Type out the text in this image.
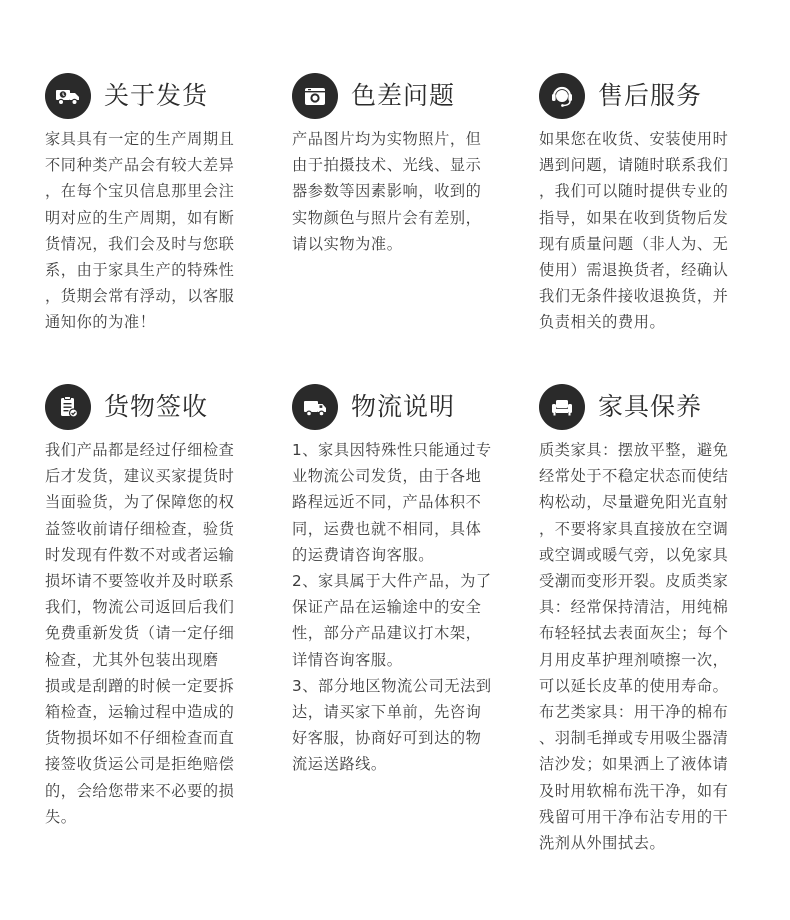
关于发货
家具具有一定的生产周期且
不同种类产品会有较大差异
，在每个宝贝信息那里会注
明对应的生产周期，如有断
货情况，我们会及时与您联
系，由于家具生产的特殊性
，货期会常有浮动，以客服
通知你的为准！
色差问题
产品图片均为实物照片，但
由于拍摄技术、光线、显示
器参数等因素影响，收到的
实物颜色与照片会有差别，
请以实物为准。
售后服务
如果您在收货、安装使用时
遇到问题，请随时联系我们
，我们可以随时提供专业的
指导，如果在收到货物后发
现有质量问题（非人为、无
使用）需退换货者，经确认
我们无条件接收退换货，并
负责相关的费用。
货物签收
我们产品都是经过仔细检查
后才发货，建议买家提货时
当面验货，为了保障您的权
益签收前请仔细检查，验货
时发现有件数不对或者运输
损坏请不要签收并及时联系
我们，物流公司返回后我们
免费重新发货（请一定仔细
检查，尤其外包装出现磨
损或是刮蹭的时候一定要拆
箱检查，运输过程中造成的
货物损坏如不仔细检查而直
接签收货运公司是拒绝赔偿
的，会给您带来不必要的损
失。
物流说明
1、家具因特殊性只能通过专
业物流公司发货，由于各地
路程远近不同，产品体积不
同，运费也就不相同，具体
的运费请咨询客服。
2、家具属于大件产品，为了
保证产品在运输途中的安全
性，部分产品建议打木架，
详情咨询客服。
3、部分地区物流公司无法到
达，请买家下单前，先咨询
好客服，协商好可到达的物
流运送路线。
家具保养
质类家具：摆放平整，避免
经常处于不稳定状态而使结
构松动，尽量避免阳光直射
，不要将家具直接放在空调
或空调或暖气旁，以免家具
受潮而变形开裂。皮质类家
具：经常保持清洁，用纯棉
布轻轻拭去表面灰尘；每个
月用皮革护理剂喷擦一次，
可以延长皮革的使用寿命。
布艺类家具：用干净的棉布
、羽制毛掸或专用吸尘器清
洁沙发；如果洒上了液体请
及时用软棉布洗干净，如有
残留可用干净布沾专用的干
洗剂从外围拭去。
